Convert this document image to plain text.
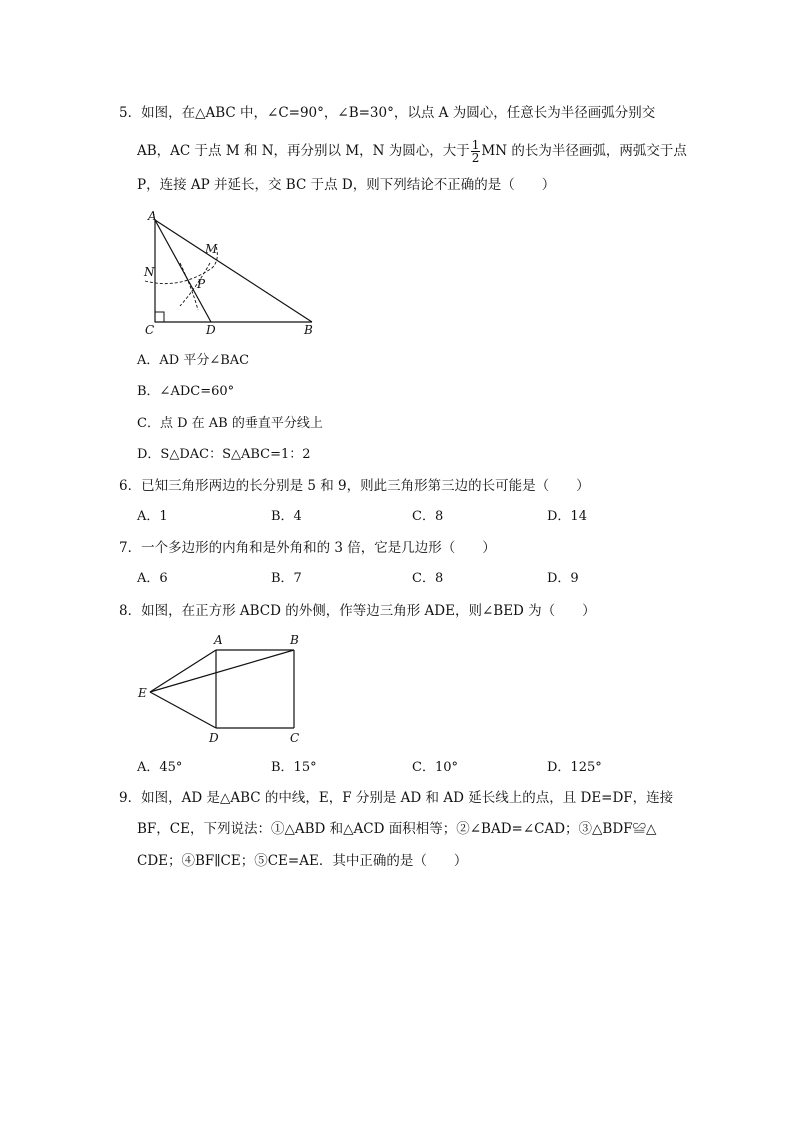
5．如图，在△ABC 中，∠C=90°，∠B=30°，以点 A 为圆心，任意长为半径画弧分别交
AB，AC 于点 M 和 N，再分别以 M，N 为圆心，大于 $\frac{1}{2}$ MN 的长为半径画弧，两弧交于点
P，连接 AP 并延长，交 BC 于点 D，则下列结论不正确的是（　　）
A
M
N
P
C	D	B
A．AD 平分∠BAC
B．∠ADC=60°
C．点 D 在 AB 的垂直平分线上
D．S△DAC：S△ABC=1：2
6．已知三角形两边的长分别是 5 和 9，则此三角形第三边的长可能是（　　）
A．1	B．4	C．8	D．14
7．一个多边形的内角和是外角和的 3 倍，它是几边形（　　）
A．6	B．7	C．8	D．9
8．如图，在正方形 ABCD 的外侧，作等边三角形 ADE，则∠BED 为（　　）
A	B
C
D
E
A．45°	B．15°	C．10°	D．125°
9．如图，AD 是△ABC 的中线，E，F 分别是 AD 和 AD 延长线上的点，且 DE=DF，连接
BF，CE，下列说法：①△ABD 和△ACD 面积相等；②∠BAD=∠CAD；③△BDF≌△
CDE；④BF∥CE；⑤CE=AE．其中正确的是（　　）
